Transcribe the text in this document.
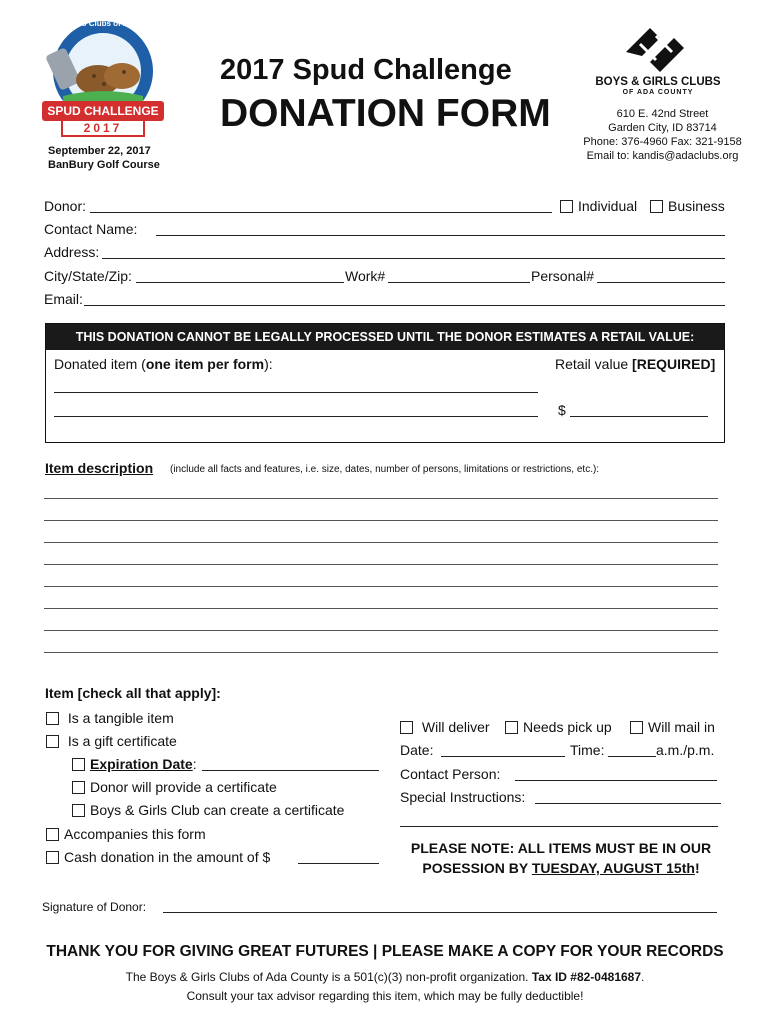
Boys & Girls Clubs of Ada County
SPUD CHALLENGE
2017
September 22, 2017
BanBury Golf Course
2017 Spud Challenge
DONATION FORM
BOYS & GIRLS CLUBS
OF ADA COUNTY
610 E. 42nd Street
Garden City, ID 83714
Phone: 376-4960 Fax: 321-9158
Email to: kandis@adaclubs.org
Donor:	Individual	Business
Contact Name:
Address:
City/State/Zip:	Work#	Personal#
Email:
THIS DONATION CANNOT BE LEGALLY PROCESSED UNTIL THE DONOR ESTIMATES A RETAIL VALUE:
Donated item (one item per form):	Retail value [REQUIRED]
$
Item description (include all facts and features, i.e. size, dates, number of persons, limitations or restrictions, etc.):
Item [check all that apply]:
Is a tangible item
Is a gift certificate
Expiration Date:
Donor will provide a certificate
Boys & Girls Club can create a certificate
Accompanies this form
Cash donation in the amount of $
Will deliver	Needs pick up	Will mail in
Date:	Time:	a.m./p.m.
Contact Person:
Special Instructions:
PLEASE NOTE: ALL ITEMS MUST BE IN OUR
POSESSION BY TUESDAY, AUGUST 15th!
Signature of Donor:
THANK YOU FOR GIVING GREAT FUTURES | PLEASE MAKE A COPY FOR YOUR RECORDS
The Boys & Girls Clubs of Ada County is a 501(c)(3) non-profit organization. Tax ID #82-0481687.
Consult your tax advisor regarding this item, which may be fully deductible!
